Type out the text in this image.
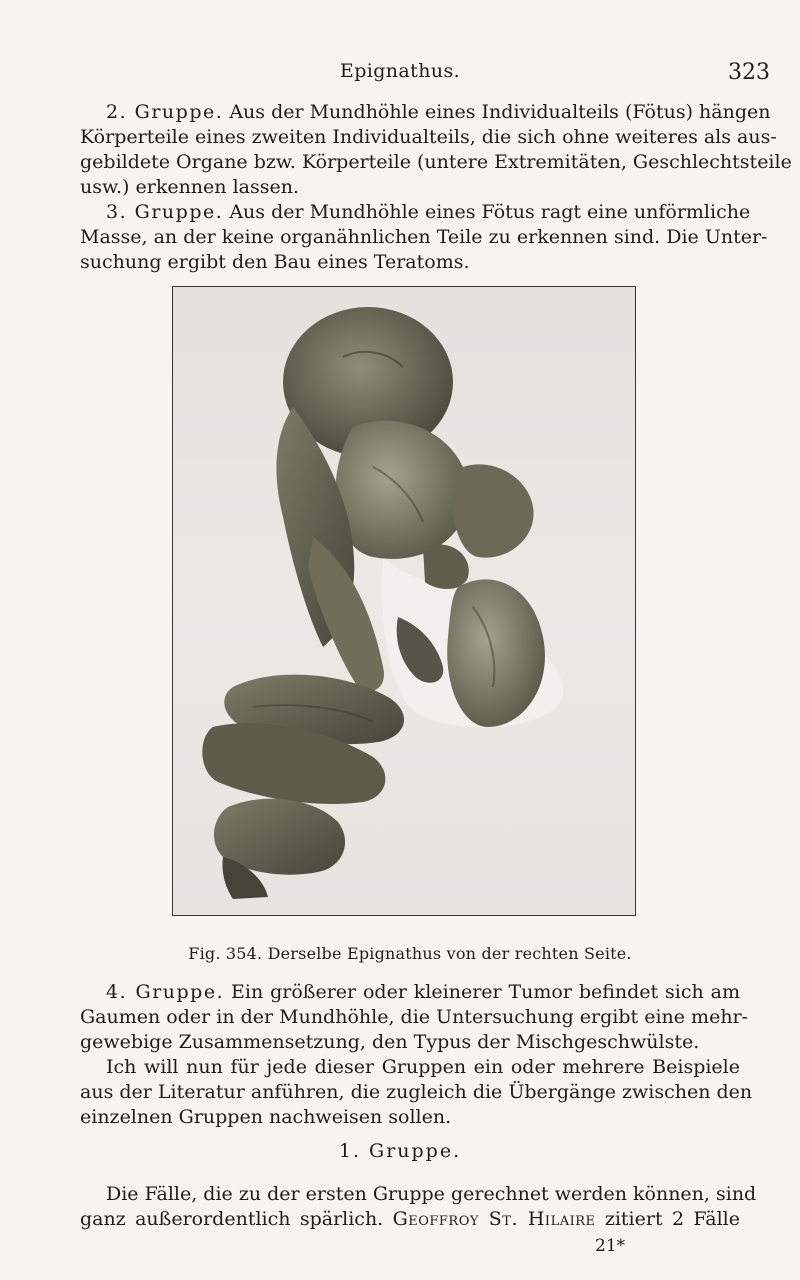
Epignathus.	323
2. Gruppe. Aus der Mundhöhle eines Individualteils (Fötus) hängen
Körperteile eines zweiten Individualteils, die sich ohne weiteres als aus-
gebildete Organe bzw. Körperteile (untere Extremitäten, Geschlechtsteile
usw.) erkennen lassen.
3. Gruppe. Aus der Mundhöhle eines Fötus ragt eine unförmliche
Masse, an der keine organähnlichen Teile zu erkennen sind. Die Unter-
suchung ergibt den Bau eines Teratoms.
Fig. 354. Derselbe Epignathus von der rechten Seite.
4. Gruppe. Ein größerer oder kleinerer Tumor befindet sich am
Gaumen oder in der Mundhöhle, die Untersuchung ergibt eine mehr-
gewebige Zusammensetzung, den Typus der Mischgeschwülste.
Ich will nun für jede dieser Gruppen ein oder mehrere Beispiele
aus der Literatur anführen, die zugleich die Übergänge zwischen den
einzelnen Gruppen nachweisen sollen.
1. Gruppe.
Die Fälle, die zu der ersten Gruppe gerechnet werden können, sind
ganz außerordentlich spärlich. Geoffroy St. Hilaire zitiert 2 Fälle
21*
